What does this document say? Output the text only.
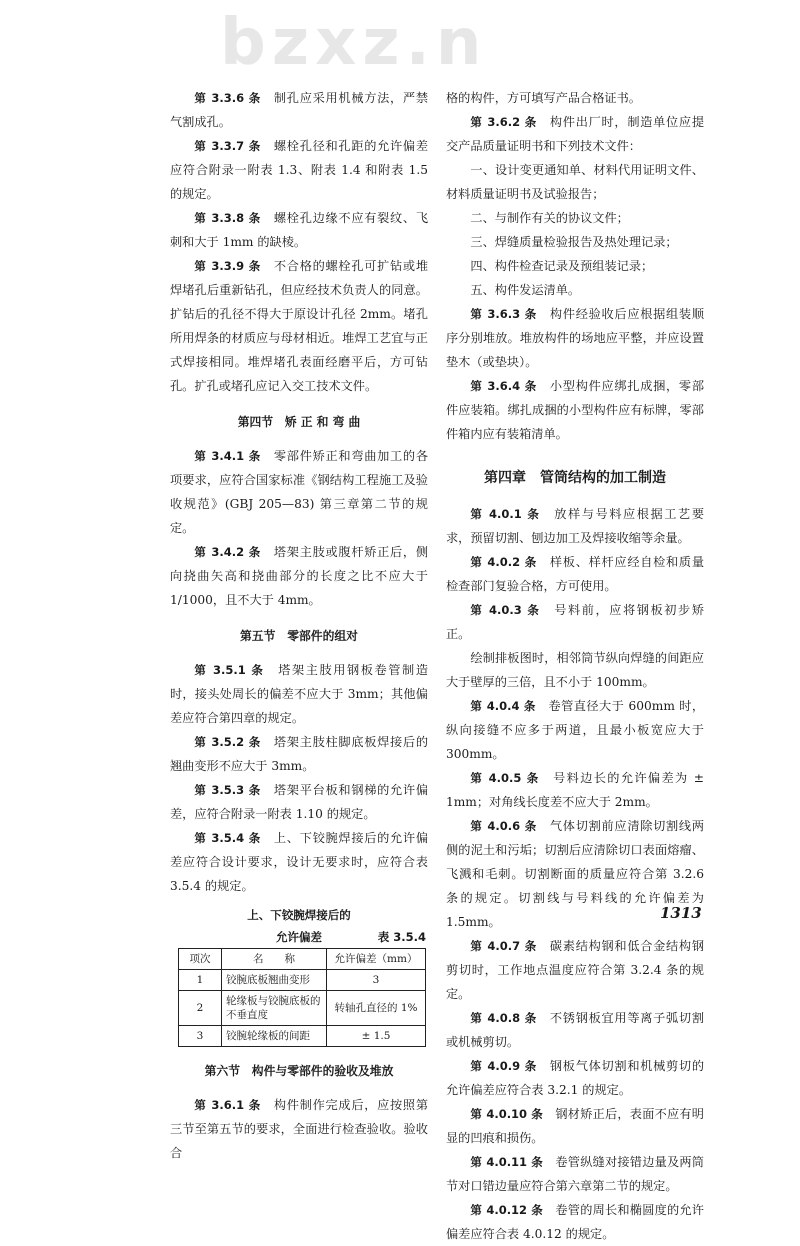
bzxz.n

第 3.3.6 条　 制孔应采用机械方法，严禁气割成孔。

第 3.3.7 条　 螺栓孔径和孔距的允许偏差应符合附录一附表 1.3、附表 1.4 和附表 1.5 的规定。

第 3.3.8 条　 螺栓孔边缘不应有裂纹、飞刺和大于 1mm 的缺棱。

第 3.3.9 条　 不合格的螺栓孔可扩钻或堆焊堵孔后重新钻孔，但应经技术负责人的同意。扩钻后的孔径不得大于原设计孔径 2mm。堵孔所用焊条的材质应与母材相近。堆焊工艺宜与正式焊接相同。堆焊堵孔表面经磨平后，方可钻孔。扩孔或堵孔应记入交工技术文件。

第四节　矫 正 和 弯 曲

第 3.4.1 条　 零部件矫正和弯曲加工的各项要求，应符合国家标准《钢结构工程施工及验收规范》(GBJ 205—83) 第三章第二节的规定。

第 3.4.2 条　 塔架主肢或腹杆矫正后，侧向挠曲矢高和挠曲部分的长度之比不应大于1/1000，且不大于 4mm。

第五节　零部件的组对

第 3.5.1 条　 塔架主肢用钢板卷管制造时，接头处周长的偏差不应大于 3mm；其他偏差应符合第四章的规定。

第 3.5.2 条　 塔架主肢柱脚底板焊接后的翘曲变形不应大于 3mm。

第 3.5.3 条　 塔架平台板和钢梯的允许偏差，应符合附录一附表 1.10 的规定。

第 3.5.4 条　 上、下铰腕焊接后的允许偏差应符合设计要求，设计无要求时，应符合表 3.5.4 的规定。

上、下铰腕焊接后的
允许偏差	表 3.5.4
项次	名　　称	允许偏差（mm）
1	铰腕底板翘曲变形	3
2	轮缘板与铰腕底板的不垂直度	转轴孔直径的 1%
3	铰腕轮缘板的间距	± 1.5
第六节　构件与零部件的验收及堆放

第 3.6.1 条　 构件制作完成后，应按照第三节至第五节的要求，全面进行检查验收。验收合

格的构件，方可填写产品合格证书。

第 3.6.2 条　 构件出厂时，制造单位应提交产品质量证明书和下列技术文件：

一、设计变更通知单、材料代用证明文件、材料质量证明书及试验报告；

二、与制作有关的协议文件；

三、焊缝质量检验报告及热处理记录；

四、构件检查记录及预组装记录；

五、构件发运清单。

第 3.6.3 条　 构件经验收后应根据组装顺序分别堆放。堆放构件的场地应平整，并应设置垫木（或垫块）。

第 3.6.4 条　 小型构件应绑扎成捆，零部件应装箱。绑扎成捆的小型构件应有标牌，零部件箱内应有装箱清单。

第四章　管筒结构的加工制造

第 4.0.1 条　 放样与号料应根据工艺要求，预留切割、刨边加工及焊接收缩等余量。

第 4.0.2 条　 样板、样杆应经自检和质量检查部门复验合格，方可使用。

第 4.0.3 条　 号料前，应将钢板初步矫正。

绘制排板图时，相邻筒节纵向焊缝的间距应大于壁厚的三倍，且不小于 100mm。

第 4.0.4 条　 卷管直径大于 600mm 时，纵向接缝不应多于两道，且最小板宽应大于 300mm。

第 4.0.5 条　 号料边长的允许偏差为 ± 1mm；对角线长度差不应大于 2mm。

第 4.0.6 条　 气体切割前应清除切割线两侧的泥土和污垢；切割后应清除切口表面熔瘤、飞溅和毛刺。切割断面的质量应符合第 3.2.6 条的规定。切割线与号料线的允许偏差为 1.5mm。

第 4.0.7 条　 碳素结构钢和低合金结构钢剪切时，工作地点温度应符合第 3.2.4 条的规定。

第 4.0.8 条　 不锈钢板宜用等离子弧切割或机械剪切。

第 4.0.9 条　 钢板气体切割和机械剪切的允许偏差应符合表 3.2.1 的规定。

第 4.0.10 条　 钢材矫正后，表面不应有明显的凹痕和损伤。

第 4.0.11 条　 卷管纵缝对接错边量及两筒节对口错边量应符合第六章第二节的规定。

第 4.0.12 条　 卷管的周长和椭圆度的允许偏差应符合表 4.0.12 的规定。

1313
